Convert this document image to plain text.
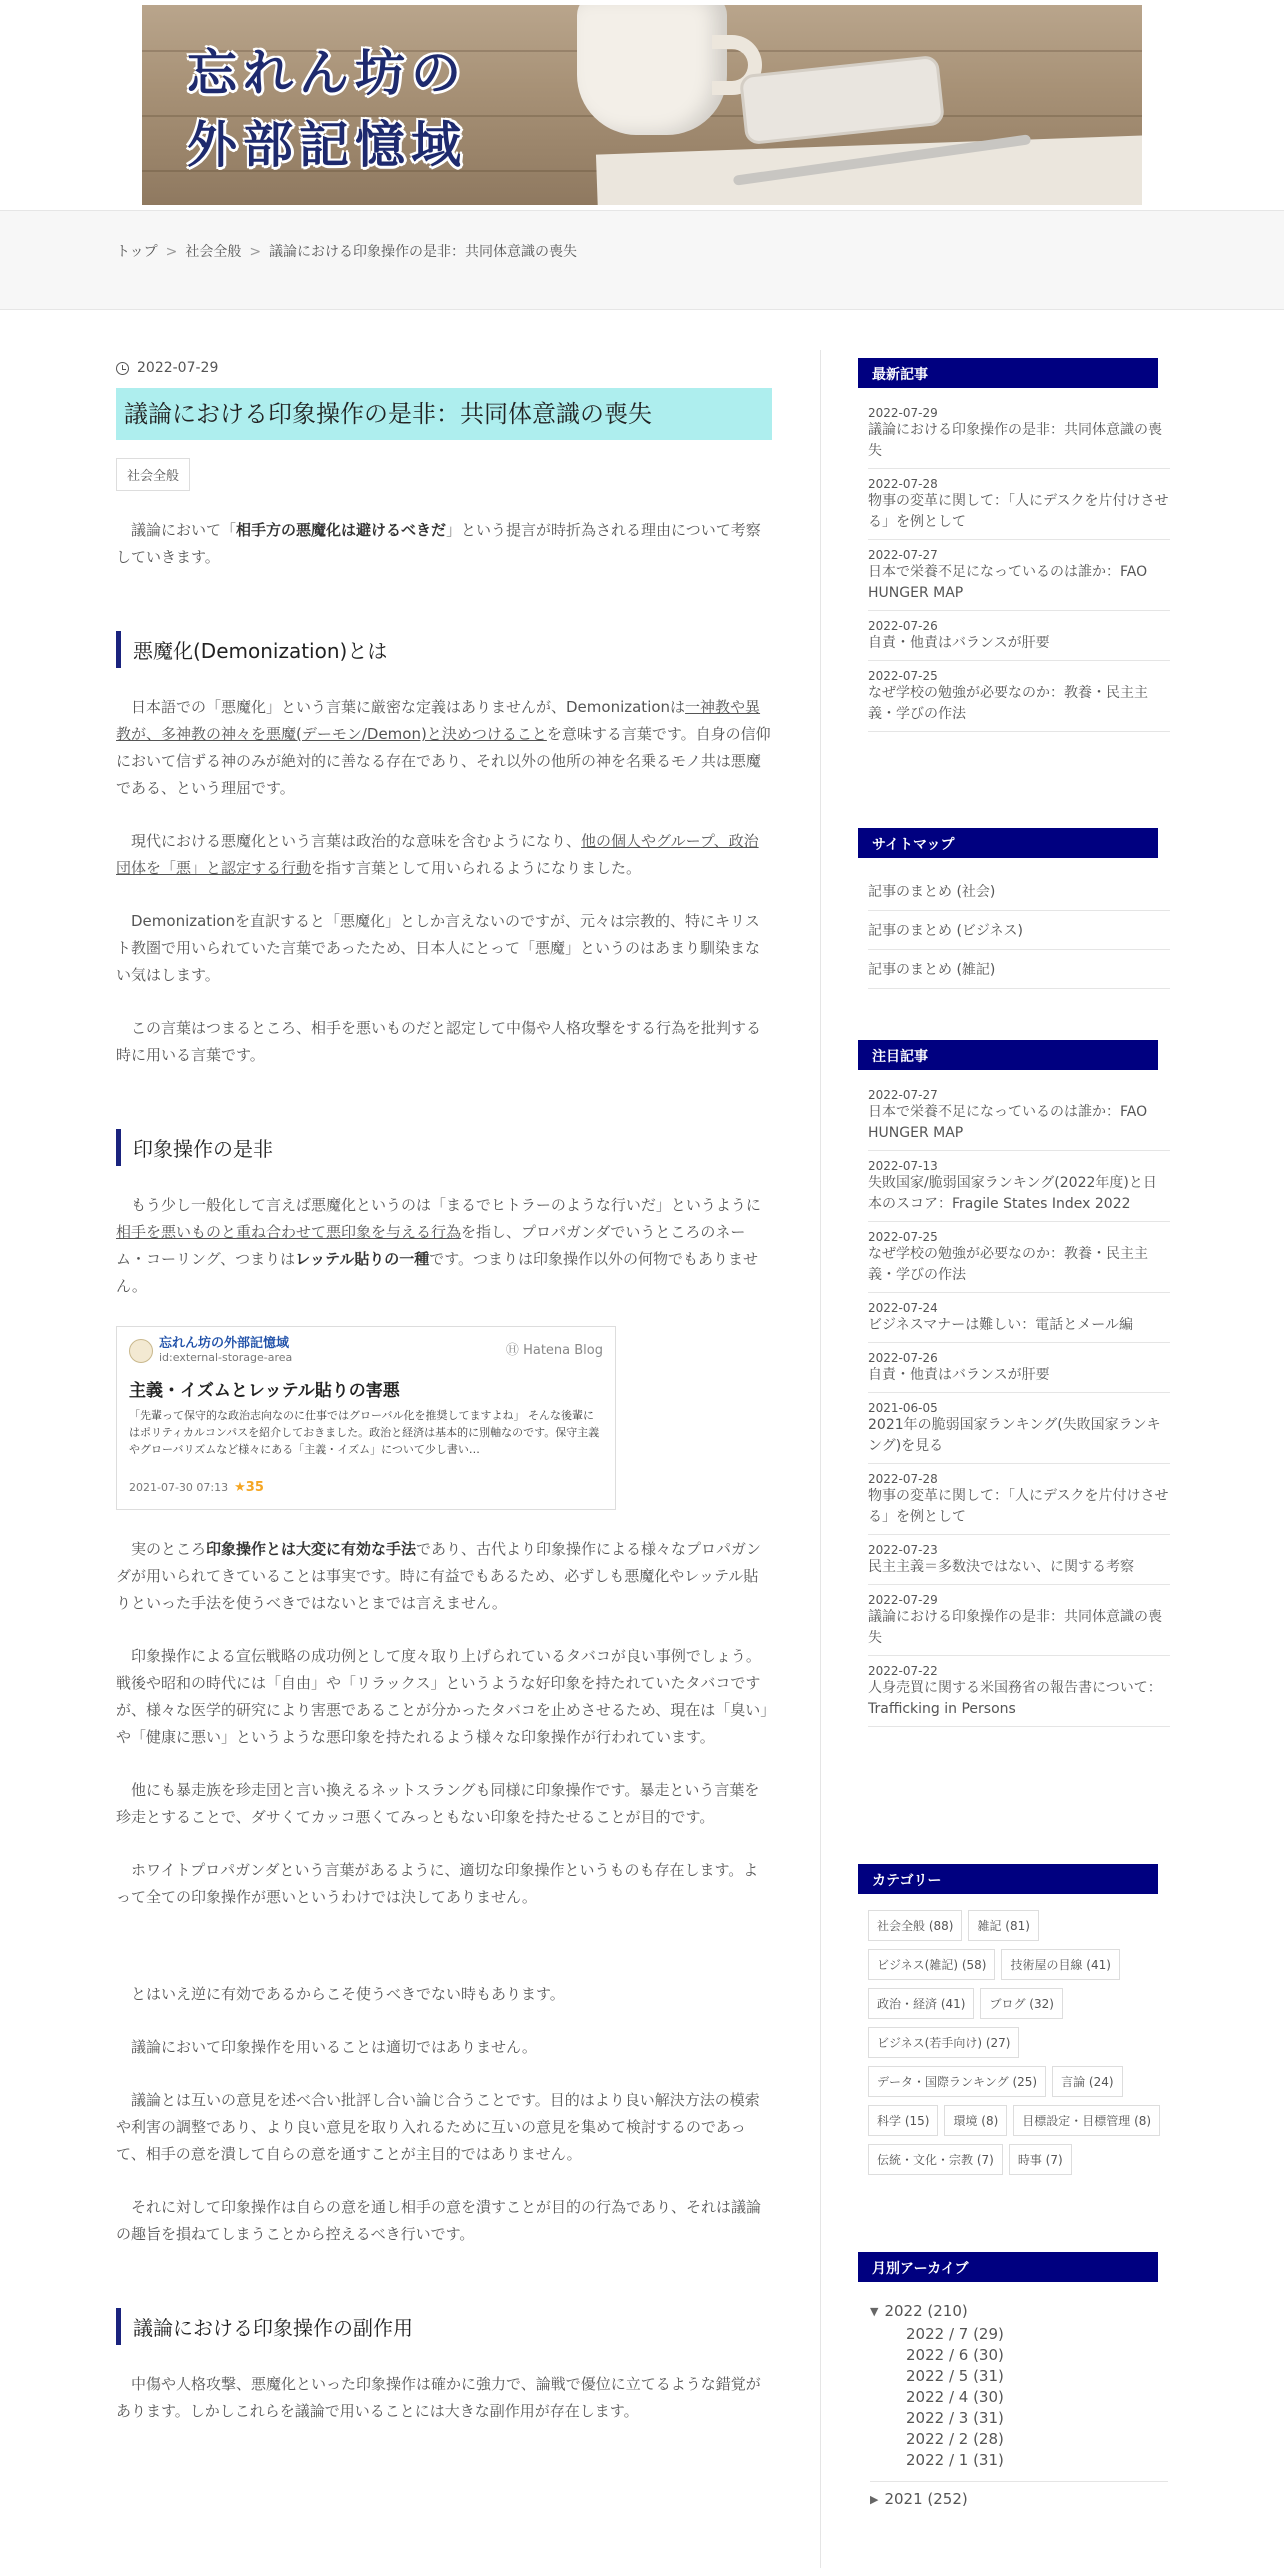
忘れん坊の
外部記憶域
トップ > 社会全般 > 議論における印象操作の是非：共同体意識の喪失
2022-07-29
議論における印象操作の是非：共同体意識の喪失
社会全般

議論において「相手方の悪魔化は避けるべきだ」という提言が時折為される理由について考察していきます。

悪魔化(Demonization)とは

日本語での「悪魔化」という言葉に厳密な定義はありませんが、Demonizationは一神教や異教が、多神教の神々を悪魔(デーモン/Demon)と決めつけることを意味する言葉です。自身の信仰において信ずる神のみが絶対的に善なる存在であり、それ以外の他所の神を名乗るモノ共は悪魔である、という理屈です。

現代における悪魔化という言葉は政治的な意味を含むようになり、他の個人やグループ、政治団体を「悪」と認定する行動を指す言葉として用いられるようになりました。

Demonizationを直訳すると「悪魔化」としか言えないのですが、元々は宗教的、特にキリスト教圏で用いられていた言葉であったため、日本人にとって「悪魔」というのはあまり馴染まない気はします。

この言葉はつまるところ、相手を悪いものだと認定して中傷や人格攻撃をする行為を批判する時に用いる言葉です。

印象操作の是非

もう少し一般化して言えば悪魔化というのは「まるでヒトラーのような行いだ」というように相手を悪いものと重ね合わせて悪印象を与える行為を指し、プロパガンダでいうところのネーム・コーリング、つまりはレッテル貼りの一種です。つまりは印象操作以外の何物でもありません。

忘れん坊の外部記憶域
id:external-storage-area	Ⓗ Hatena Blog
主義・イズムとレッテル貼りの害悪
「先輩って保守的な政治志向なのに仕事ではグローバル化を推奨してますよね」 そんな後輩にはポリティカルコンパスを紹介しておきました。政治と経済は基本的に別軸なのです。保守主義やグローバリズムなど様々にある「主義・イズム」について少し書い…
2021-07-30 07:13 ★35

実のところ印象操作とは大変に有効な手法であり、古代より印象操作による様々なプロパガンダが用いられてきていることは事実です。時に有益でもあるため、必ずしも悪魔化やレッテル貼りといった手法を使うべきではないとまでは言えません。

印象操作による宣伝戦略の成功例として度々取り上げられているタバコが良い事例でしょう。戦後や昭和の時代には「自由」や「リラックス」というような好印象を持たれていたタバコですが、様々な医学的研究により害悪であることが分かったタバコを止めさせるため、現在は「臭い」や「健康に悪い」というような悪印象を持たれるよう様々な印象操作が行われています。

他にも暴走族を珍走団と言い換えるネットスラングも同様に印象操作です。暴走という言葉を珍走とすることで、ダサくてカッコ悪くてみっともない印象を持たせることが目的です。

ホワイトプロパガンダという言葉があるように、適切な印象操作というものも存在します。よって全ての印象操作が悪いというわけでは決してありません。

とはいえ逆に有効であるからこそ使うべきでない時もあります。

議論において印象操作を用いることは適切ではありません。

議論とは互いの意見を述べ合い批評し合い論じ合うことです。目的はより良い解決方法の模索や利害の調整であり、より良い意見を取り入れるために互いの意見を集めて検討するのであって、相手の意を潰して自らの意を通すことが主目的ではありません。

それに対して印象操作は自らの意を通し相手の意を潰すことが目的の行為であり、それは議論の趣旨を損ねてしまうことから控えるべき行いです。

議論における印象操作の副作用

中傷や人格攻撃、悪魔化といった印象操作は確かに強力で、論戦で優位に立てるような錯覚があります。しかしこれらを議論で用いることには大きな副作用が存在します。

最新記事
2022-07-29
議論における印象操作の是非：共同体意識の喪失
2022-07-28
物事の変革に関して：「人にデスクを片付けさせる」を例として
2022-07-27
日本で栄養不足になっているのは誰か：FAO HUNGER MAP
2022-07-26
自責・他責はバランスが肝要
2022-07-25
なぜ学校の勉強が必要なのか：教養・民主主義・学びの作法
サイトマップ
記事のまとめ (社会)
記事のまとめ (ビジネス)
記事のまとめ (雑記)
注目記事
2022-07-27
日本で栄養不足になっているのは誰か：FAO HUNGER MAP
2022-07-13
失敗国家/脆弱国家ランキング(2022年度)と日本のスコア：Fragile States Index 2022
2022-07-25
なぜ学校の勉強が必要なのか：教養・民主主義・学びの作法
2022-07-24
ビジネスマナーは難しい：電話とメール編
2022-07-26
自責・他責はバランスが肝要
2021-06-05
2021年の脆弱国家ランキング(失敗国家ランキング)を見る
2022-07-28
物事の変革に関して：「人にデスクを片付けさせる」を例として
2022-07-23
民主主義＝多数決ではない、に関する考察
2022-07-29
議論における印象操作の是非：共同体意識の喪失
2022-07-22
人身売買に関する米国務省の報告書について：Trafficking in Persons
カテゴリー
社会全般 (88)	雑記 (81)
ビジネス(雑記) (58)	技術屋の目線 (41)
政治・経済 (41)	ブログ (32)
ビジネス(若手向け) (27)
データ・国際ランキング (25)	言論 (24)
科学 (15)	環境 (8)	目標設定・目標管理 (8)
伝統・文化・宗教 (7)	時事 (7)
月別アーカイブ
▼ 2022 (210)
2022 / 7 (29)
2022 / 6 (30)
2022 / 5 (31)
2022 / 4 (30)
2022 / 3 (31)
2022 / 2 (28)
2022 / 1 (31)
▶ 2021 (252)
